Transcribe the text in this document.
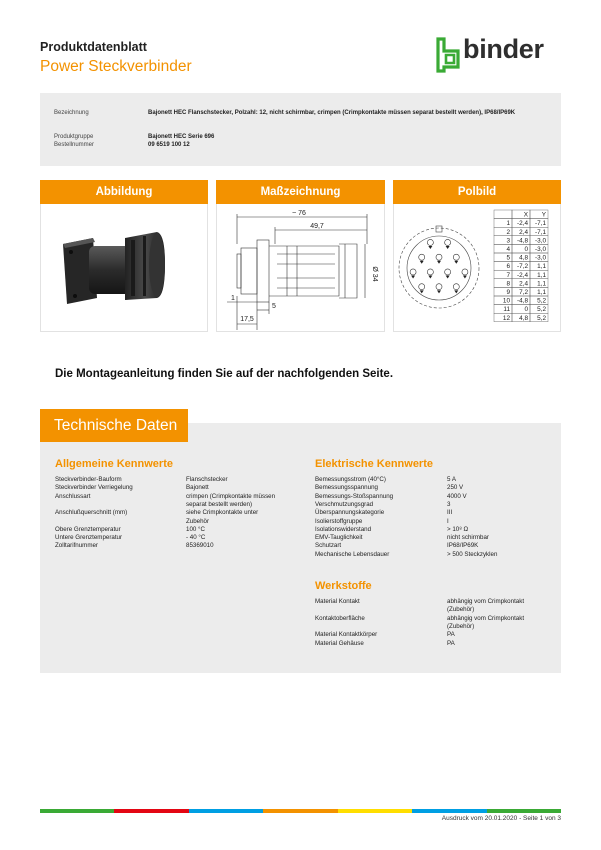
Produktdatenblatt
Power Steckverbinder
binder
Bezeichnung	Bajonett HEC Flanschstecker, Polzahl: 12, nicht schirmbar, crimpen (Crimpkontakte müssen separat bestellt werden), IP68/IP69K
Produktgruppe	Bajonett HEC Serie 696
Bestellnummer	09 6519 100 12
Abbildung	Maßzeichnung	Polbild
~ 76
49,7
Ø 34
1
5
17,5
X Y
1 -2,4 -7,1
2 2,4 -7,1
3 -4,8 -3,0
4 0 -3,0
5 4,8 -3,0
6 -7,2 1,1
7 -2,4 1,1
8 2,4 1,1
9 7,2 1,1
10 -4,8 5,2
11 0 5,2
12 4,8 5,2
Die Montageanleitung finden Sie auf der nachfolgenden Seite.
Technische Daten
Allgemeine Kennwerte
Steckverbinder-Bauform	Flanschstecker
Steckverbinder Verriegelung	Bajonett
Anschlussart	crimpen (Crimpkontakte müssen
separat bestellt werden)
Anschlußquerschnitt (mm)	siehe Crimpkontakte unter
Zubehör
Obere Grenztemperatur	100 °C
Untere Grenztemperatur	- 40 °C
Zolltarifnummer	85369010
Elektrische Kennwerte
Bemessungsstrom (40°C)	5 A
Bemessungsspannung	250 V
Bemessungs-Stoßspannung	4000 V
Verschmutzungsgrad	3
Überspannungskategorie	III
Isolierstoffgruppe	I
Isolationswiderstand	> 10⁸ Ω
EMV-Tauglichkeit	nicht schirmbar
Schutzart	IP68/IP69K
Mechanische Lebensdauer	> 500 Steckzyklen
Werkstoffe
Material Kontakt	abhängig vom Crimpkontakt
(Zubehör)
Kontaktoberfläche	abhängig vom Crimpkontakt
(Zubehör)
Material Kontaktkörper	PA
Material Gehäuse	PA
Ausdruck vom 20.01.2020 - Seite 1 von 3
